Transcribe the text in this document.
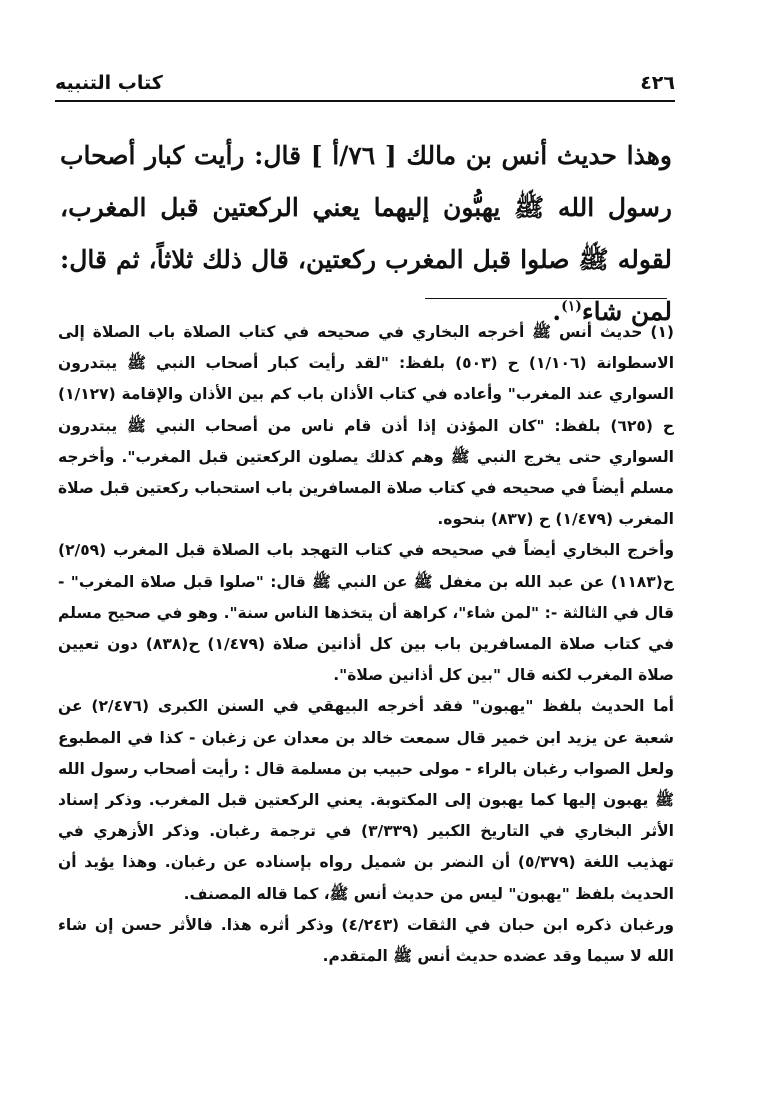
٤٢٦
كتاب التنبيه
وهذا حديث أنس بن مالك [ ٧٦/أ ] قال: رأيت كبار أصحاب رسول الله ﷺ يهبُّون إليهما يعني الركعتين قبل المغرب، لقوله ﷺ صلوا قبل المغرب ركعتين، قال ذلك ثلاثاً، ثم قال: لمن شاء$^{(١)}$.

(١) حديث أنس ﷺ أخرجه البخاري في صحيحه في كتاب الصلاة باب الصلاة إلى الاسطوانة (١/١٠٦) ح (٥٠٣) بلفظ: "لقد رأيت كبار أصحاب النبي ﷺ يبتدرون السواري عند المغرب" وأعاده في كتاب الأذان باب كم بين الأذان والإقامة (١/١٢٧) ح (٦٢٥) بلفظ: "كان المؤذن إذا أذن قام ناس من أصحاب النبي ﷺ يبتدرون السواري حتى يخرج النبي ﷺ وهم كذلك يصلون الركعتين قبل المغرب". وأخرجه مسلم أيضاً في صحيحه في كتاب صلاة المسافرين باب استحباب ركعتين قبل صلاة المغرب (١/٤٧٩) ح (٨٣٧) بنحوه.

وأخرج البخاري أيضاً في صحيحه في كتاب التهجد باب الصلاة قبل المغرب (٢/٥٩) ح(١١٨٣) عن عبد الله بن مغفل ﷺ عن النبي ﷺ قال: "صلوا قبل صلاة المغرب" - قال في الثالثة -: "لمن شاء"، كراهة أن يتخذها الناس سنة". وهو في صحيح مسلم في كتاب صلاة المسافرين باب بين كل أذانين صلاة (١/٤٧٩) ح(٨٣٨) دون تعيين صلاة المغرب لكنه قال "بين كل أذانين صلاة".

أما الحديث بلفظ "يهبون" فقد أخرجه البيهقي في السنن الكبرى (٢/٤٧٦) عن شعبة عن يزيد ابن خمير قال سمعت خالد بن معدان عن زغبان - كذا في المطبوع ولعل الصواب رغبان بالراء - مولى حبيب بن مسلمة قال : رأيت أصحاب رسول الله ﷺ يهبون إليها كما يهبون إلى المكتوبة. يعني الركعتين قبل المغرب. وذكر إسناد الأثر البخاري في التاريخ الكبير (٣/٣٣٩) في ترجمة رغبان. وذكر الأزهري في تهذيب اللغة (٥/٣٧٩) أن النضر بن شميل رواه بإسناده عن رغبان. وهذا يؤيد أن الحديث بلفظ "يهبون" ليس من حديث أنس ﷺ، كما قاله المصنف.

ورغبان ذكره ابن حبان في الثقات (٤/٢٤٣) وذكر أثره هذا. فالأثر حسن إن شاء الله لا سيما وقد عضده حديث أنس ﷺ المتقدم.
